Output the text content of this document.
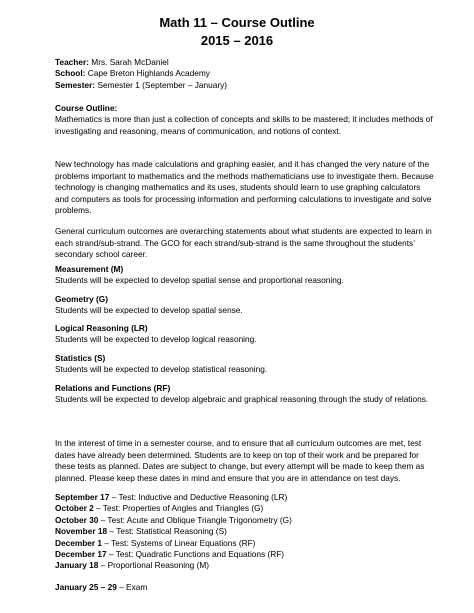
Math 11 – Course Outline
2015 – 2016
Teacher: Mrs. Sarah McDaniel
School: Cape Breton Highlands Academy
Semester: Semester 1 (September – January)
Course Outline:

Mathematics is more than just a collection of concepts and skills to be mastered; it includes methods of investigating and reasoning, means of communication, and notions of context.

New technology has made calculations and graphing easier, and it has changed the very nature of the problems important to mathematics and the methods mathematicians use to investigate them. Because technology is changing mathematics and its uses, students should learn to use graphing calculators and computers as tools for processing information and performing calculations to investigate and solve problems.

General curriculum outcomes are overarching statements about what students are expected to learn in each strand/sub-strand. The GCO for each strand/sub-strand is the same throughout the students’ secondary school career.

Measurement (M)
Students will be expected to develop spatial sense and proportional reasoning.
Geometry (G)
Students will be expected to develop spatial sense.
Logical Reasoning (LR)
Students will be expected to develop logical reasoning.
Statistics (S)
Students will be expected to develop statistical reasoning.
Relations and Functions (RF)
Students will be expected to develop algebraic and graphical reasoning through the study of relations.

In the interest of time in a semester course, and to ensure that all curriculum outcomes are met, test dates have already been determined. Students are to keep on top of their work and be prepared for these tests as planned. Dates are subject to change, but every attempt will be made to keep them as planned. Please keep these dates in mind and ensure that you are in attendance on test days.

September 17 – Test: Inductive and Deductive Reasoning (LR)
October 2 – Test: Properties of Angles and Triangles (G)
October 30 – Test: Acute and Oblique Triangle Trigonometry (G)
November 18 – Test: Statistical Reasoning (S)
December 1 – Test: Systems of Linear Equations (RF)
December 17 – Test: Quadratic Functions and Equations (RF)
January 18 – Proportional Reasoning (M)
January 25 – 29 – Exam
